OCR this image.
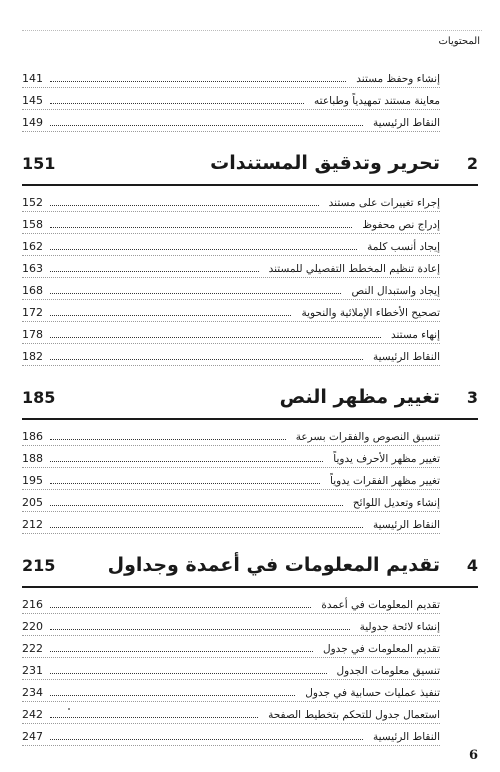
المحتويات
إنشاء وحفظ مستند
141
معاينة مستند تمهيدياً وطباعته
145
النقاط الرئيسية
149
2
تحرير وتدقيق المستندات
151
إجراء تغييرات على مستند
152
إدراج نص محفوظ
158
إيجاد أنسب كلمة
162
إعادة تنظيم المخطط التفصيلي للمستند
163
إيجاد واستبدال النص
168
تصحيح الأخطاء الإملائية والنحوية
172
إنهاء مستند
178
النقاط الرئيسية
182
3
تغيير مظهر النص
185
تنسيق النصوص والفقرات بسرعة
186
تغيير مظهر الأحرف يدوياً
188
تغيير مظهر الفقرات يدوياً
195
إنشاء وتعديل اللوائح
205
النقاط الرئيسية
212
4
تقديم المعلومات في أعمدة وجداول
215
تقديم المعلومات في أعمدة
216
إنشاء لائحة جدولية
220
تقديم المعلومات في جدول
222
تنسيق معلومات الجدول
231
تنفيذ عمليات حسابية في جدول
234
استعمال جدول للتحكم بتخطيط الصفحة
242
النقاط الرئيسية
247
6
